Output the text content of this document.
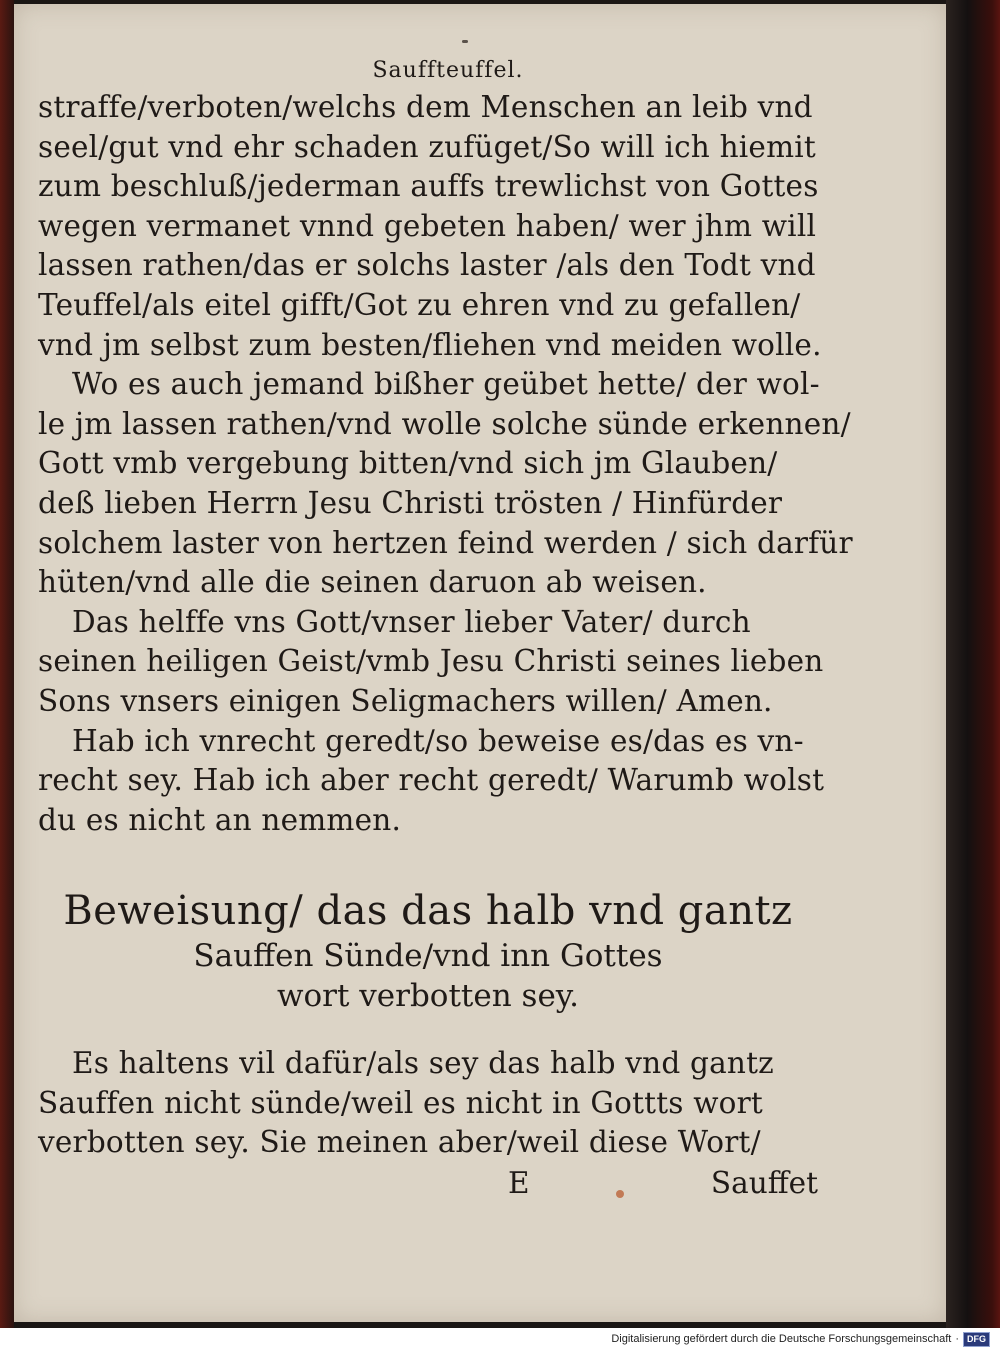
Sauffteuffel.
straffe/verboten/welchs dem Menschen an leib vnd
seel/gut vnd ehr schaden zufüget/So will ich hiemit
zum beschluß/jederman auffs trewlichst von Gottes
wegen vermanet vnnd gebeten haben/ wer jhm will
lassen rathen/das er solchs laster /als den Todt vnd
Teuffel/als eitel gifft/Got zu ehren vnd zu gefallen/
vnd jm selbst zum besten/fliehen vnd meiden wolle.
Wo es auch jemand bißher geübet hette/ der wol-
le jm lassen rathen/vnd wolle solche sünde erkennen/
Gott vmb vergebung bitten/vnd sich jm Glauben/
deß lieben Herrn Jesu Christi trösten / Hinfürder
solchem laster von hertzen feind werden / sich darfür
hüten/vnd alle die seinen daruon ab weisen.
Das helffe vns Gott/vnser lieber Vater/ durch
seinen heiligen Geist/vmb Jesu Christi seines lieben
Sons vnsers einigen Seligmachers willen/ Amen.
Hab ich vnrecht geredt/so beweise es/das es vn-
recht sey. Hab ich aber recht geredt/ Warumb wolst
du es nicht an nemmen.
Beweisung/ das das halb vnd gantz
Sauffen Sünde/vnd inn Gottes
wort verbotten sey.
Es haltens vil dafür/als sey das halb vnd gantz
Sauffen nicht sünde/weil es nicht in Gottts wort
verbotten sey. Sie meinen aber/weil diese Wort/
E	Sauffet
Digitalisierung gefördert durch die Deutsche Forschungsgemeinschaft · DFG
